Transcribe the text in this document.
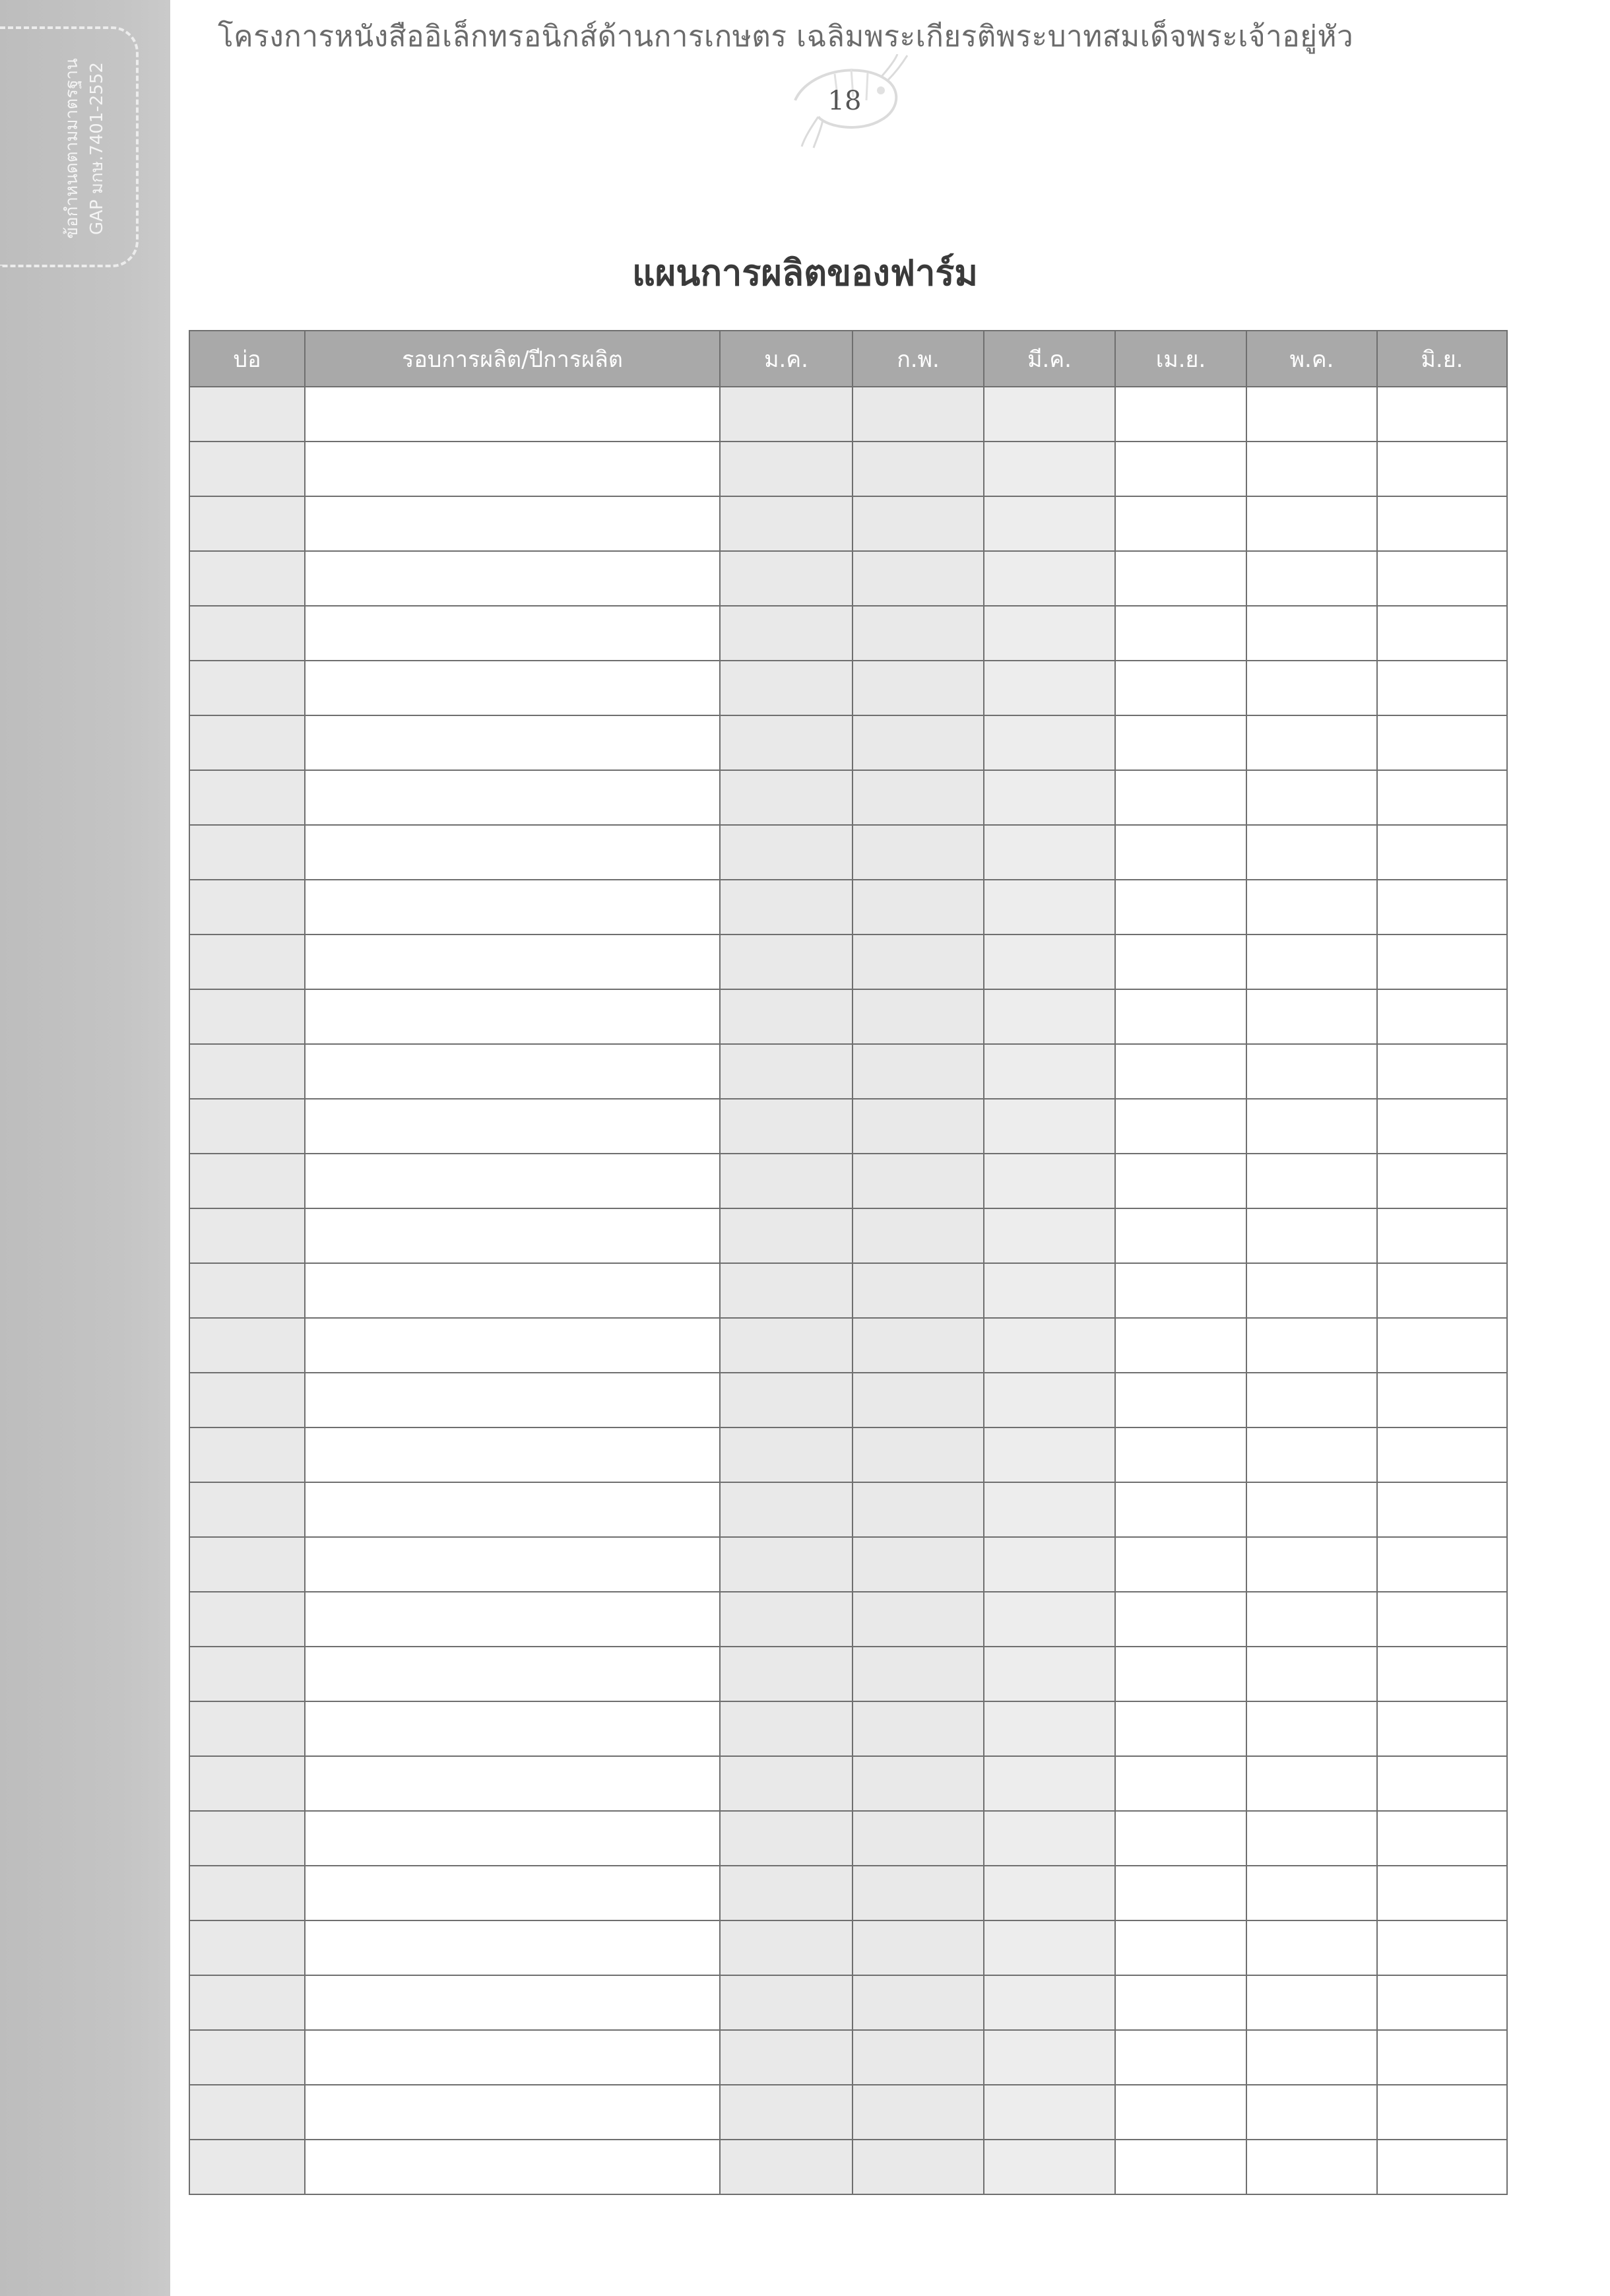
ข้อกำหนดตามมาตรฐาน GAP มกษ.7401-2552
โครงการหนังสืออิเล็กทรอนิกส์ด้านการเกษตร เฉลิมพระเกียรติพระบาทสมเด็จพระเจ้าอยู่หัว
18
แผนการผลิตของฟาร์ม
บ่อ	รอบการผลิต/ปีการผลิต	ม.ค.	ก.พ.	มี.ค.	เม.ย.	พ.ค.	มิ.ย.
